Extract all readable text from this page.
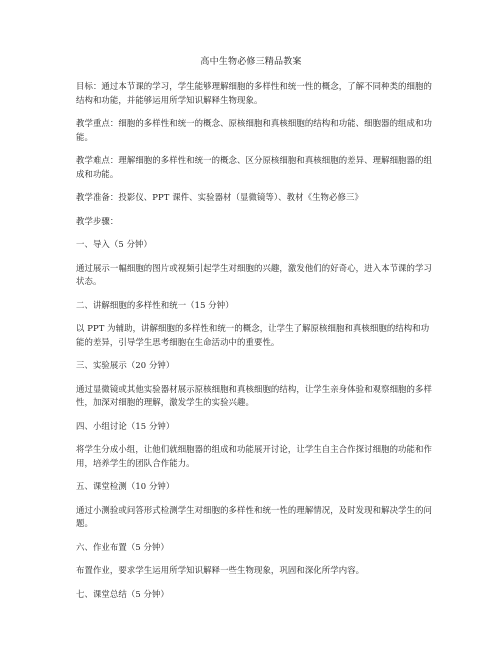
高中生物必修三精品教案

目标：通过本节课的学习，学生能够理解细胞的多样性和统一性的概念，了解不同种类的细胞的结构和功能，并能够运用所学知识解释生物现象。

教学重点：细胞的多样性和统一的概念、原核细胞和真核细胞的结构和功能、细胞器的组成和功能。

教学难点：理解细胞的多样性和统一的概念、区分原核细胞和真核细胞的差异、理解细胞器的组成和功能。

教学准备：投影仪、PPT 课件、实验器材（显微镜等）、教材《生物必修三》

教学步骤：

一、导入（5 分钟）

通过展示一幅细胞的图片或视频引起学生对细胞的兴趣，激发他们的好奇心，进入本节课的学习状态。

二、讲解细胞的多样性和统一（15 分钟）

以 PPT 为辅助，讲解细胞的多样性和统一的概念，让学生了解原核细胞和真核细胞的结构和功能的差异，引导学生思考细胞在生命活动中的重要性。

三、实验展示（20 分钟）

通过显微镜或其他实验器材展示原核细胞和真核细胞的结构，让学生亲身体验和观察细胞的多样性，加深对细胞的理解，激发学生的实验兴趣。

四、小组讨论（15 分钟）

将学生分成小组，让他们就细胞器的组成和功能展开讨论，让学生自主合作探讨细胞的功能和作用，培养学生的团队合作能力。

五、课堂检测（10 分钟）

通过小测验或问答形式检测学生对细胞的多样性和统一性的理解情况，及时发现和解决学生的问题。

六、作业布置（5 分钟）

布置作业，要求学生运用所学知识解释一些生物现象，巩固和深化所学内容。

七、课堂总结（5 分钟）
